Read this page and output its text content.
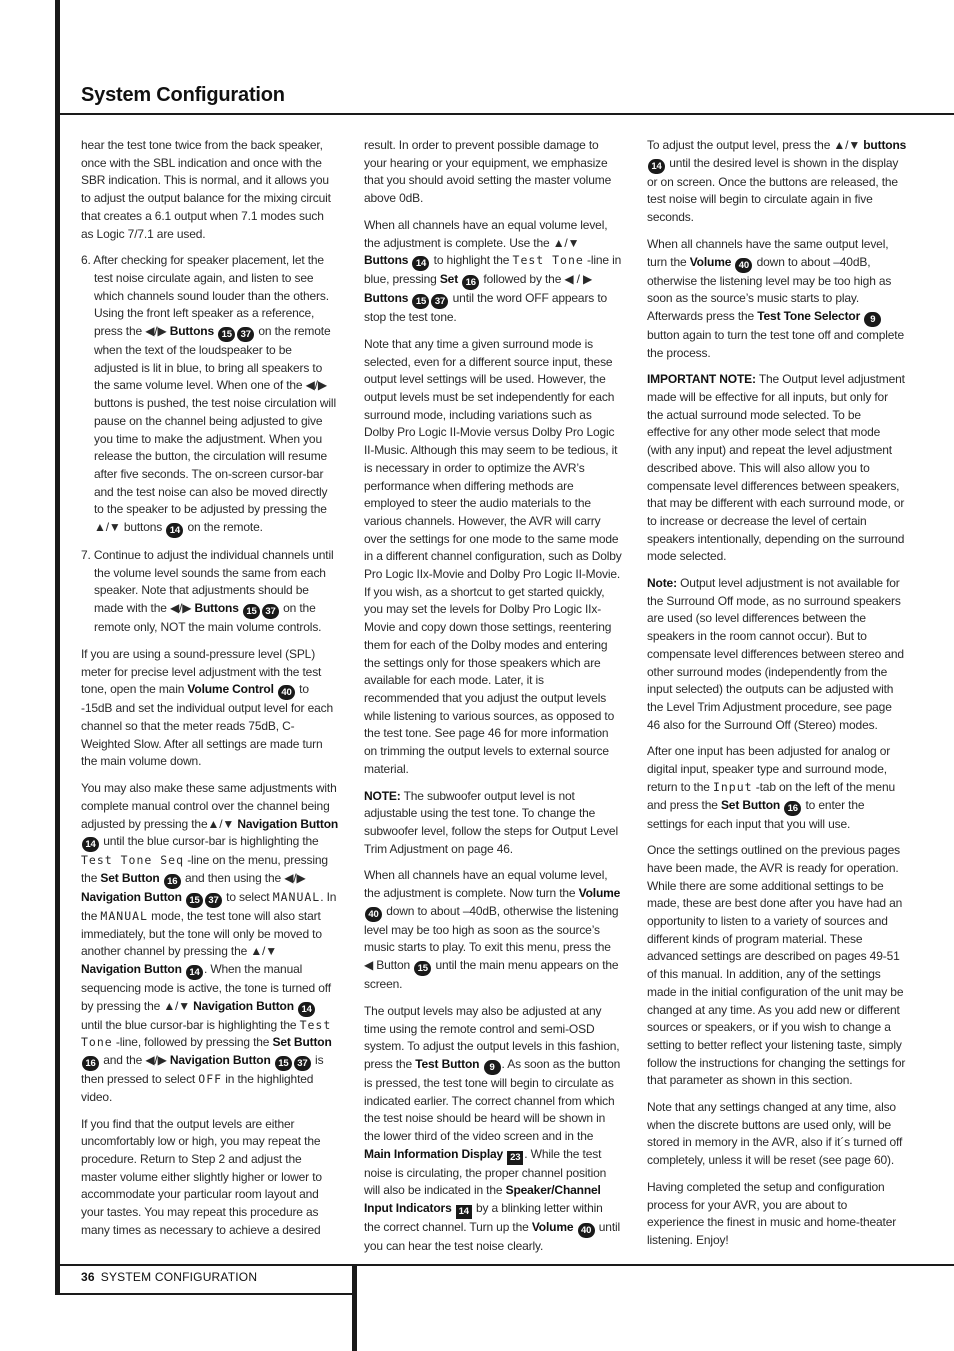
System Configuration

hear the test tone twice from the back speaker, once with the SBL indication and once with the SBR indication. This is normal, and it allows you to adjust the output balance for the mixing circuit that creates a 6.1 output when 7.1 modes such as Logic 7/7.1 are used.

6. After checking for speaker placement, let the test noise circulate again, and listen to see which channels sound louder than the others. Using the front left speaker as a reference, press the ◀/▶ Buttons 15 37 on the remote when the text of the loudspeaker to be adjusted is lit in blue, to bring all speakers to the same volume level. When one of the ◀/▶ buttons is pushed, the test noise circulation will pause on the channel being adjusted to give you time to make the adjustment. When you release the button, the circulation will resume after five seconds. The on-screen cursor-bar and the test noise can also be moved directly to the speaker to be adjusted by pressing the ▲/▼ buttons 14 on the remote.

7. Continue to adjust the individual channels until the volume level sounds the same from each speaker. Note that adjustments should be made with the ◀/▶ Buttons 15 37 on the remote only, NOT the main volume controls.

If you are using a sound-pressure level (SPL) meter for precise level adjustment with the test tone, open the main Volume Control 40 to -15dB and set the individual output level for each channel so that the meter reads 75dB, C-Weighted Slow. After all settings are made turn the main volume down.

You may also make these same adjustments with complete manual control over the channel being adjusted by pressing the▲/▼ Navigation Button 14 until the blue cursor-bar is highlighting the Test Tone Seq -line on the menu, pressing the Set Button 16 and then using the ◀/▶ Navigation Button 15 37 to select MANUAL. In the MANUAL mode, the test tone will also start immediately, but the tone will only be moved to another channel by pressing the ▲/▼ Navigation Button 14 . When the manual sequencing mode is active, the tone is turned off by pressing the ▲/▼ Navigation Button 14 until the blue cursor-bar is highlighting the Test Tone -line, followed by pressing the Set Button 16 and the ◀/▶ Navigation Button 15 37 is then pressed to select OFF in the highlighted video.

If you find that the output levels are either uncomfortably low or high, you may repeat the procedure. Return to Step 2 and adjust the master volume either slightly higher or lower to accommodate your particular room layout and your tastes. You may repeat this procedure as many times as necessary to achieve a desired

result. In order to prevent possible damage to your hearing or your equipment, we emphasize that you should avoid setting the master volume above 0dB.

When all channels have an equal volume level, the adjustment is complete. Use the ▲/▼ Buttons 14 to highlight the Test Tone -line in blue, pressing Set 16 followed by the ◀ / ▶ Buttons 15 37 until the word OFF appears to stop the test tone.

Note that any time a given surround mode is selected, even for a different source input, these output level settings will be used. However, the output levels must be set independently for each surround mode, including variations such as Dolby Pro Logic II-Movie versus Dolby Pro Logic II-Music. Although this may seem to be tedious, it is necessary in order to optimize the AVR’s performance when differing methods are employed to steer the audio materials to the various channels. However, the AVR will carry over the settings for one mode to the same mode in a different channel configuration, such as Dolby Pro Logic IIx-Movie and Dolby Pro Logic II-Movie. If you wish, as a shortcut to get started quickly, you may set the levels for Dolby Pro Logic IIx-Movie and copy down those settings, reentering them for each of the Dolby modes and entering the settings only for those speakers which are available for each mode. Later, it is recommended that you adjust the output levels while listening to various sources, as opposed to the test tone. See page 46 for more information on trimming the output levels to external source material.

NOTE: The subwoofer output level is not adjustable using the test tone. To change the subwoofer level, follow the steps for Output Level Trim Adjustment on page 46.

When all channels have an equal volume level, the adjustment is complete. Now turn the Volume 40 down to about –40dB, otherwise the listening level may be too high as soon as the source’s music starts to play. To exit this menu, press the ◀ Button 15 until the main menu appears on the screen.

The output levels may also be adjusted at any time using the remote control and semi-OSD system. To adjust the output levels in this fashion, press the Test Button 9 . As soon as the button is pressed, the test tone will begin to circulate as indicated earlier. The correct channel from which the test noise should be heard will be shown in the lower third of the video screen and in the Main Information Display 23 . While the test noise is circulating, the proper channel position will also be indicated in the Speaker/Channel Input Indicators 14 by a blinking letter within the correct channel. Turn up the Volume 40 until you can hear the test noise clearly.

To adjust the output level, press the ▲/▼ buttons 14 until the desired level is shown in the display or on screen. Once the buttons are released, the test noise will begin to circulate again in five seconds.

When all channels have the same output level, turn the Volume 40 down to about –40dB, otherwise the listening level may be too high as soon as the source’s music starts to play. Afterwards press the Test Tone Selector 9 button again to turn the test tone off and complete the process.

IMPORTANT NOTE: The Output level adjustment made will be effective for all inputs, but only for the actual surround mode selected. To be effective for any other mode select that mode (with any input) and repeat the level adjustment described above. This will also allow you to compensate level differences between speakers, that may be different with each surround mode, or to increase or decrease the level of certain speakers intentionally, depending on the surround mode selected.

Note: Output level adjustment is not available for the Surround Off mode, as no surround speakers are used (so level differences between the speakers in the room cannot occur). But to compensate level differences between stereo and other surround modes (independently from the input selected) the outputs can be adjusted with the Level Trim Adjustment procedure, see page 46 also for the Surround Off (Stereo) modes.

After one input has been adjusted for analog or digital input, speaker type and surround mode, return to the Input -tab on the left of the menu and press the Set Button 16 to enter the settings for each input that you will use.

Once the settings outlined on the previous pages have been made, the AVR is ready for operation. While there are some additional settings to be made, these are best done after you have had an opportunity to listen to a variety of sources and different kinds of program material. These advanced settings are described on pages 49-51 of this manual. In addition, any of the settings made in the initial configuration of the unit may be changed at any time. As you add new or different sources or speakers, or if you wish to change a setting to better reflect your listening taste, simply follow the instructions for changing the settings for that parameter as shown in this section.

Note that any settings changed at any time, also when the discrete buttons are used only, will be stored in memory in the AVR, also if it´s turned off completely, unless it will be reset (see page 60).

Having completed the setup and configuration process for your AVR, you are about to experience the finest in music and home-theater listening. Enjoy!

36 SYSTEM CONFIGURATION
